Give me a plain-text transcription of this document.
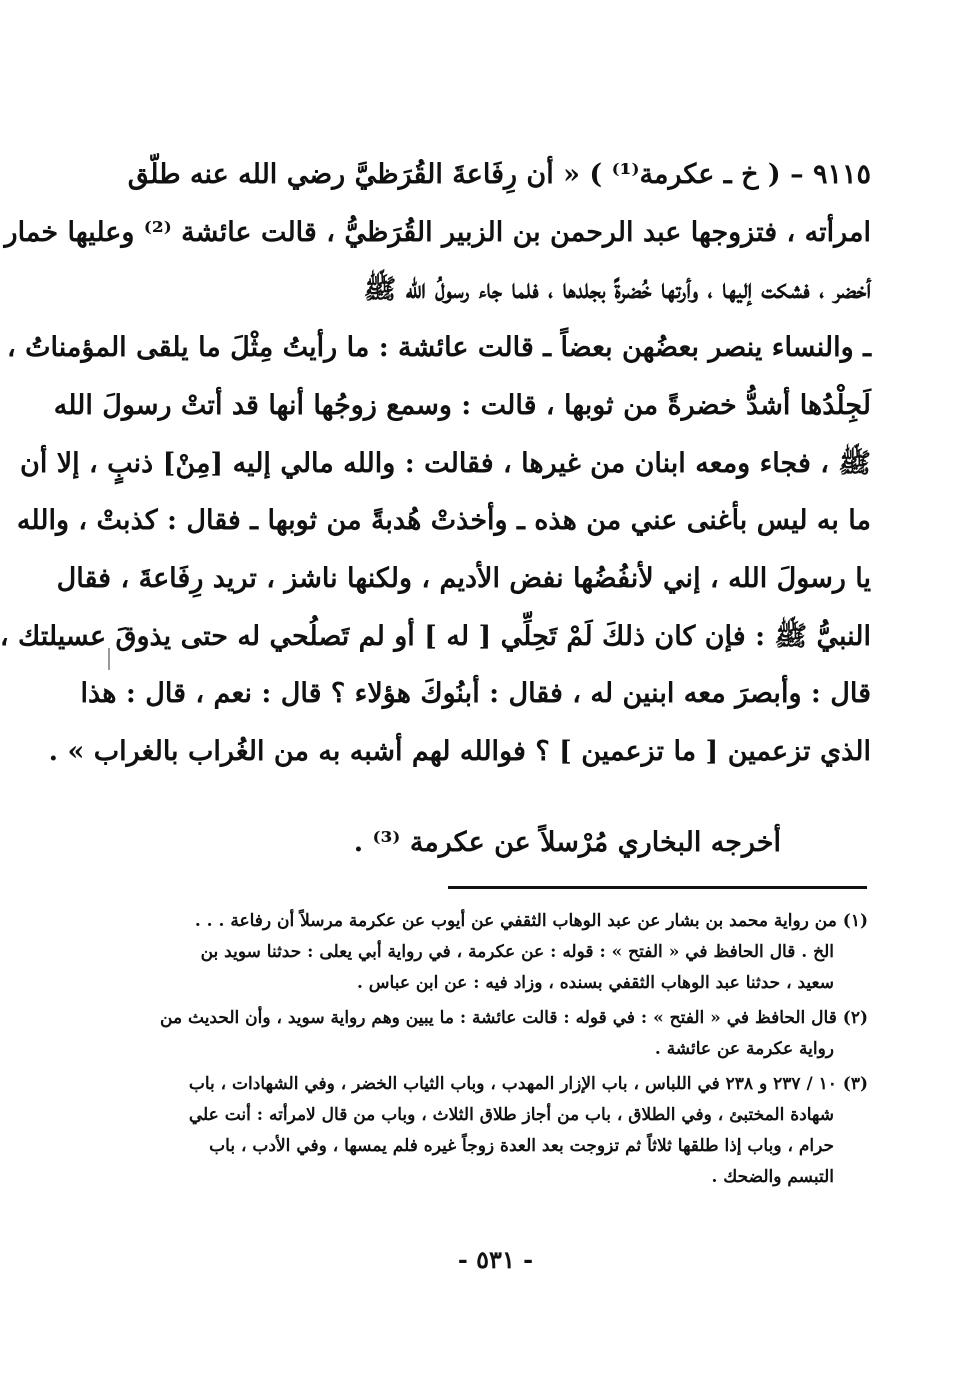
٩١١٥ – ( خ ـ عكرمة⁽¹⁾ ) « أن رِفَاعةَ القُرَظيَّ رضي الله عنه طلّق
امرأته ، فتزوجها عبد الرحمن بن الزبير القُرَظيُّ ، قالت عائشة ⁽²⁾ وعليها خمار
أخضر ، فشكت إليها ، وأرتها خُضرةً بجلدها ، فلما جاء رسولُ الله ﷺ
ـ والنساء ينصر بعضُهن بعضاً ـ قالت عائشة : ما رأيتُ مِثْلَ ما يلقى المؤمناتُ ،
لَجِلْدُها أشدُّ خضرةً من ثوبها ، قالت : وسمع زوجُها أنها قد أتتْ رسولَ الله
ﷺ ، فجاء ومعه ابنان من غيرها ، فقالت : والله مالي إليه [مِنْ] ذنبٍ ، إلا أن
ما به ليس بأغنى عني من هذه ـ وأخذتْ هُدبةً من ثوبها ـ فقال : كذبتْ ، والله
يا رسولَ الله ، إني لأنفُضُها نفض الأديم ، ولكنها ناشز ، تريد رِفَاعةَ ، فقال
النبيُّ ﷺ : فإن كان ذلكَ لَمْ تَحِلِّي [ له ] أو لم تَصلُحي له حتى يذوقَ عسيلتك ،
قال : وأبصرَ معه ابنين له ، فقال : أبنُوكَ هؤلاء ؟ قال : نعم ، قال : هذا
الذي تزعمين [ ما تزعمين ] ؟ فوالله لهم أشبه به من الغُراب بالغراب » .

أخرجه البخاري مُرْسلاً عن عكرمة ⁽³⁾ .

(١) من رواية محمد بن بشار عن عبد الوهاب الثقفي عن أيوب عن عكرمة مرسلاً أن رفاعة . . .
الخ . قال الحافظ في « الفتح » : قوله : عن عكرمة ، في رواية أبي يعلى : حدثنا سويد بن
سعيد ، حدثنا عبد الوهاب الثقفي بسنده ، وزاد فيه : عن ابن عباس .
(٢) قال الحافظ في « الفتح » : في قوله : قالت عائشة : ما يبين وهم رواية سويد ، وأن الحديث من
رواية عكرمة عن عائشة .
(٣) ١٠ / ٢٣٧ و ٢٣٨ في اللباس ، باب الإزار المهدب ، وباب الثياب الخضر ، وفي الشهادات ، باب
شهادة المختبئ ، وفي الطلاق ، باب من أجاز طلاق الثلاث ، وباب من قال لامرأته : أنت علي
حرام ، وباب إذا طلقها ثلاثاً ثم تزوجت بعد العدة زوجاً غيره فلم يمسها ، وفي الأدب ، باب
التبسم والضحك .
- ٥٣١ -
